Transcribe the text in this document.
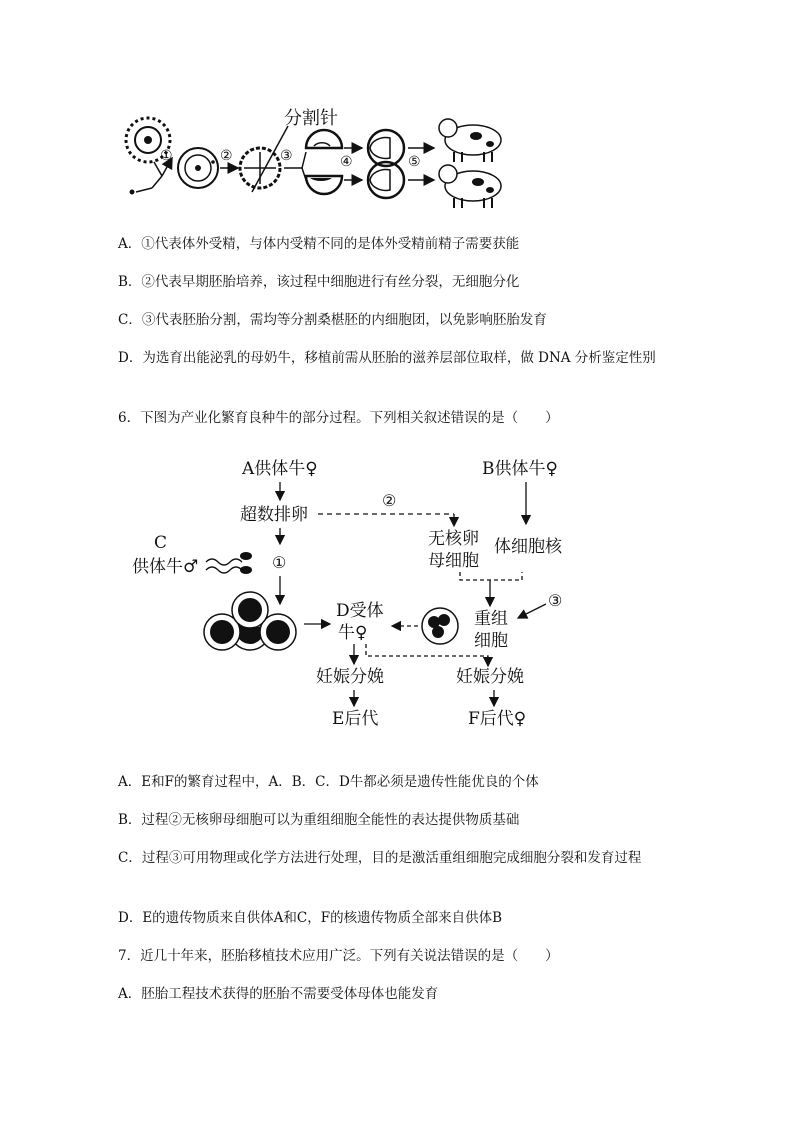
①	②
分割针
③	④	⑤
A．①代表体外受精，与体内受精不同的是体外受精前精子需要获能
B．②代表早期胚胎培养，该过程中细胞进行有丝分裂，无细胞分化
C．③代表胚胎分割，需均等分割桑椹胚的内细胞团，以免影响胚胎发育
D．为选育出能泌乳的母奶牛，移植前需从胚胎的滋养层部位取样，做 DNA 分析鉴定性别
6．下图为产业化繁育良种牛的部分过程。下列相关叙述错误的是（　　）
A供体牛♀	B供体牛♀
超数排卵
②
C
供体牛♂	①
无核卵
母细胞
体细胞核
D受体
牛♀
③
重组
细胞
妊娠分娩	妊娠分娩
E后代	F后代♀
A．E和F的繁育过程中，A．B．C．D牛都必须是遗传性能优良的个体
B．过程②无核卵母细胞可以为重组细胞全能性的表达提供物质基础
C．过程③可用物理或化学方法进行处理，目的是激活重组细胞完成细胞分裂和发育过程
D．E的遗传物质来自供体A和C，F的核遗传物质全部来自供体B
7．近几十年来，胚胎移植技术应用广泛。下列有关说法错误的是（　　）
A．胚胎工程技术获得的胚胎不需要受体母体也能发育
